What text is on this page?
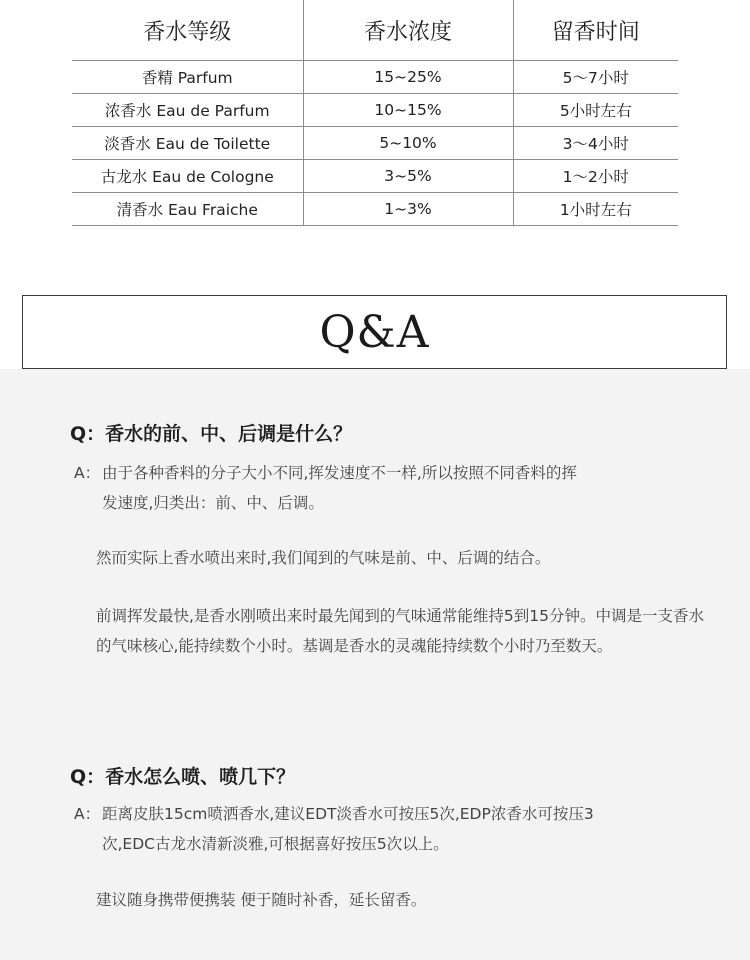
香水等级	香水浓度	留香时间
香精 Parfum	15~25%	5～7小时
浓香水 Eau de Parfum	10~15%	5小时左右
淡香水 Eau de Toilette	5~10%	3～4小时
古龙水 Eau de Cologne	3~5%	1～2小时
清香水 Eau Fraiche	1~3%	1小时左右
Q&A
Q：香水的前、中、后调是什么？
A： 由于各种香料的分子大小不同,挥发速度不一样,所以按照不同香料的挥
发速度,归类出：前、中、后调。
然而实际上香水喷出来时,我们闻到的气味是前、中、后调的结合。
前调挥发最快,是香水刚喷出来时最先闻到的气味通常能维持5到15分钟。中调是一支香水的气味核心,能持续数个小时。基调是香水的灵魂能持续数个小时乃至数天。
Q：香水怎么喷、喷几下？
A： 距离皮肤15cm喷洒香水,建议EDT淡香水可按压5次,EDP浓香水可按压3
次,EDC古龙水清新淡雅,可根据喜好按压5次以上。
建议随身携带便携装 便于随时补香，延长留香。
